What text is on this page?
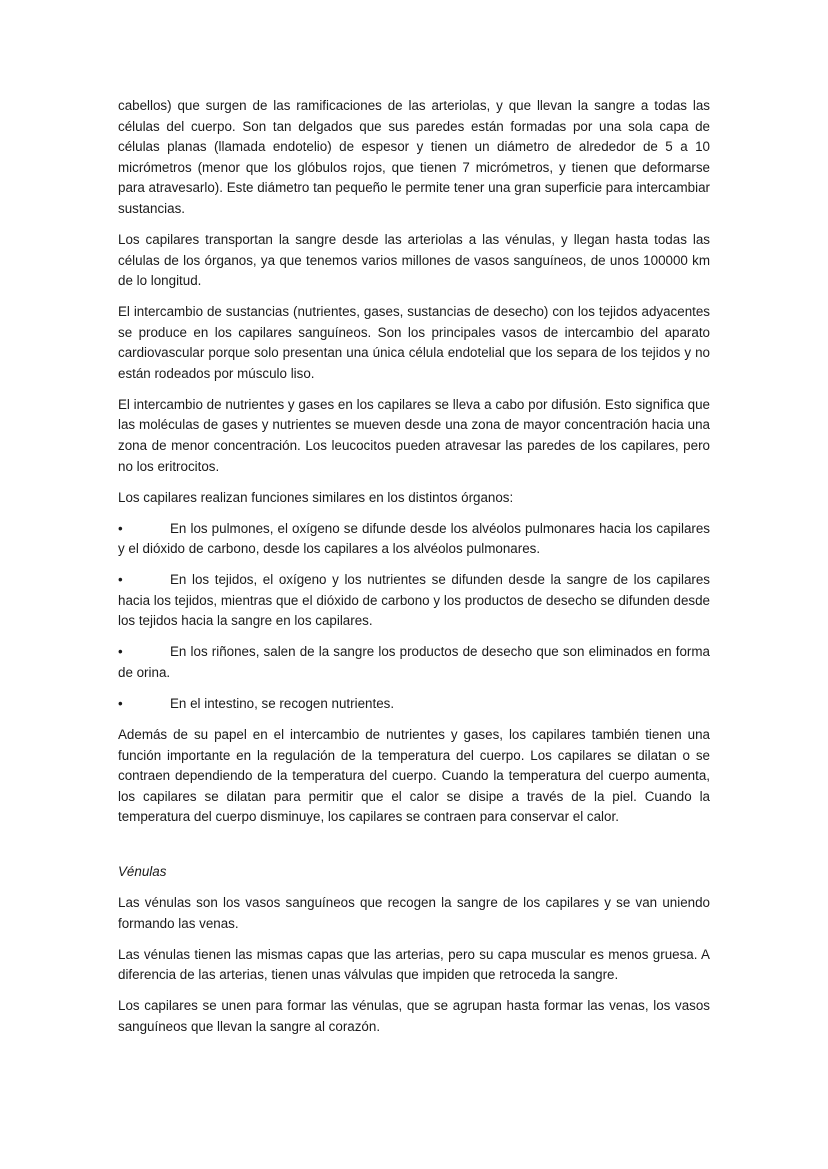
cabellos) que surgen de las ramificaciones de las arteriolas, y que llevan la sangre a todas las células del cuerpo. Son tan delgados que sus paredes están formadas por una sola capa de células planas (llamada endotelio) de espesor y tienen un diámetro de alrededor de 5 a 10 micrómetros (menor que los glóbulos rojos, que tienen 7 micrómetros, y tienen que deformarse para atravesarlo). Este diámetro tan pequeño le permite tener una gran superficie para intercambiar sustancias.

Los capilares transportan la sangre desde las arteriolas a las vénulas, y llegan hasta todas las células de los órganos, ya que tenemos varios millones de vasos sanguíneos, de unos 100000 km de lo longitud.

El intercambio de sustancias (nutrientes, gases, sustancias de desecho) con los tejidos adyacentes se produce en los capilares sanguíneos. Son los principales vasos de intercambio del aparato cardiovascular porque solo presentan una única célula endotelial que los separa de los tejidos y no están rodeados por músculo liso.

El intercambio de nutrientes y gases en los capilares se lleva a cabo por difusión. Esto significa que las moléculas de gases y nutrientes se mueven desde una zona de mayor concentración hacia una zona de menor concentración. Los leucocitos pueden atravesar las paredes de los capilares, pero no los eritrocitos.

Los capilares realizan funciones similares en los distintos órganos:

•	En los pulmones, el oxígeno se difunde desde los alvéolos pulmonares hacia los capilares y el dióxido de carbono, desde los capilares a los alvéolos pulmonares.
•	En los tejidos, el oxígeno y los nutrientes se difunden desde la sangre de los capilares hacia los tejidos, mientras que el dióxido de carbono y los productos de desecho se difunden desde los tejidos hacia la sangre en los capilares.
•	En los riñones, salen de la sangre los productos de desecho que son eliminados en forma de orina.
•	En el intestino, se recogen nutrientes.

Además de su papel en el intercambio de nutrientes y gases, los capilares también tienen una función importante en la regulación de la temperatura del cuerpo. Los capilares se dilatan o se contraen dependiendo de la temperatura del cuerpo. Cuando la temperatura del cuerpo aumenta, los capilares se dilatan para permitir que el calor se disipe a través de la piel. Cuando la temperatura del cuerpo disminuye, los capilares se contraen para conservar el calor.

Vénulas

Las vénulas son los vasos sanguíneos que recogen la sangre de los capilares y se van uniendo formando las venas.

Las vénulas tienen las mismas capas que las arterias, pero su capa muscular es menos gruesa. A diferencia de las arterias, tienen unas válvulas que impiden que retroceda la sangre.

Los capilares se unen para formar las vénulas, que se agrupan hasta formar las venas, los vasos sanguíneos que llevan la sangre al corazón.
